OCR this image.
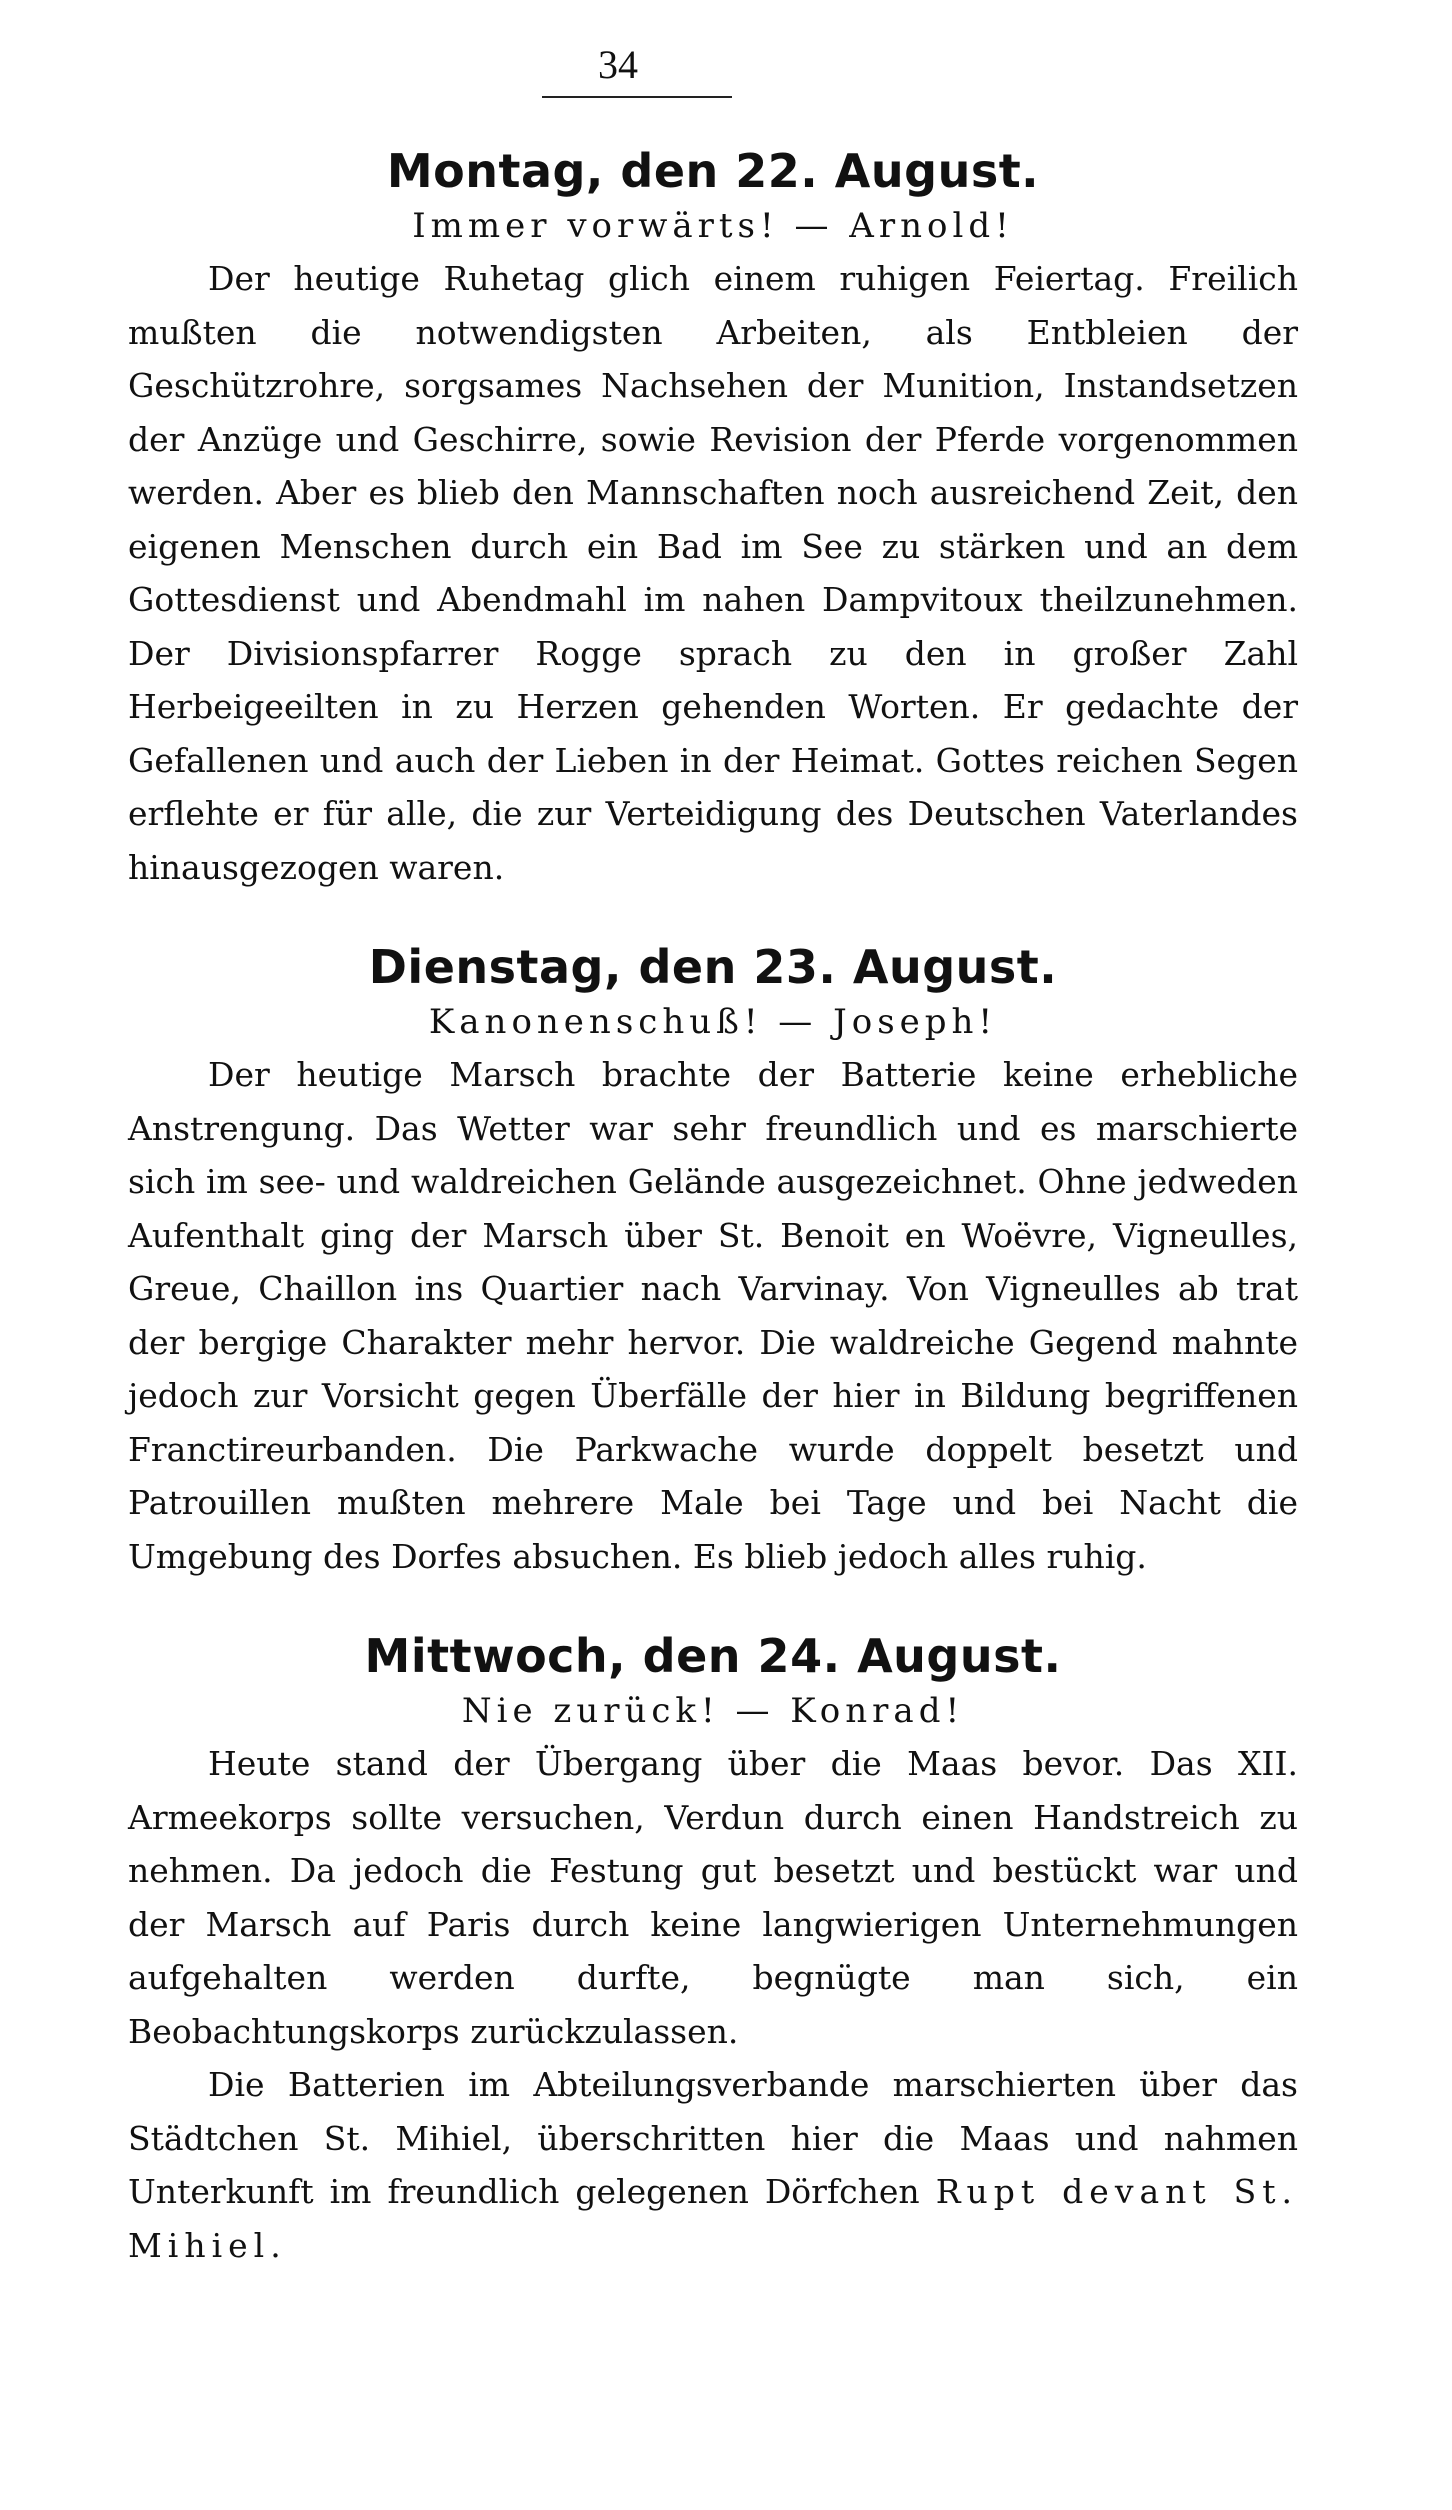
34
Montag, den 22. August.
Immer vorwärts! — Arnold!

Der heutige Ruhetag glich einem ruhigen Feiertag. Freilich mußten die notwendigsten Arbeiten, als Entbleien der Geschützrohre, sorgsames Nachsehen der Munition, Instandsetzen der Anzüge und Geschirre, sowie Revision der Pferde vorgenommen werden. Aber es blieb den Mannschaften noch ausreichend Zeit, den eigenen Menschen durch ein Bad im See zu stärken und an dem Gottesdienst und Abendmahl im nahen Dampvitoux theilzunehmen. Der Divisionspfarrer Rogge sprach zu den in großer Zahl Herbeigeeilten in zu Herzen gehenden Worten. Er gedachte der Gefallenen und auch der Lieben in der Heimat. Gottes reichen Segen erflehte er für alle, die zur Verteidigung des Deutschen Vaterlandes hinausgezogen waren.

Dienstag, den 23. August.
Kanonenschuß! — Joseph!

Der heutige Marsch brachte der Batterie keine erhebliche Anstrengung. Das Wetter war sehr freundlich und es marschierte sich im see- und waldreichen Gelände ausgezeichnet. Ohne jedweden Aufenthalt ging der Marsch über St. Benoit en Woëvre, Vigneulles, Greue, Chaillon ins Quartier nach Varvinay. Von Vigneulles ab trat der bergige Charakter mehr hervor. Die waldreiche Gegend mahnte jedoch zur Vorsicht gegen Überfälle der hier in Bildung begriffenen Franctireurbanden. Die Parkwache wurde doppelt besetzt und Patrouillen mußten mehrere Male bei Tage und bei Nacht die Umgebung des Dorfes absuchen. Es blieb jedoch alles ruhig.

Mittwoch, den 24. August.
Nie zurück! — Konrad!

Heute stand der Übergang über die Maas bevor. Das XII. Armeekorps sollte versuchen, Verdun durch einen Handstreich zu nehmen. Da jedoch die Festung gut besetzt und bestückt war und der Marsch auf Paris durch keine langwierigen Unternehmungen aufgehalten werden durfte, begnügte man sich, ein Beobachtungskorps zurückzulassen.

Die Batterien im Abteilungsverbande marschierten über das Städtchen St. Mihiel, überschritten hier die Maas und nahmen Unterkunft im freundlich gelegenen Dörfchen Rupt devant St. Mihiel.
